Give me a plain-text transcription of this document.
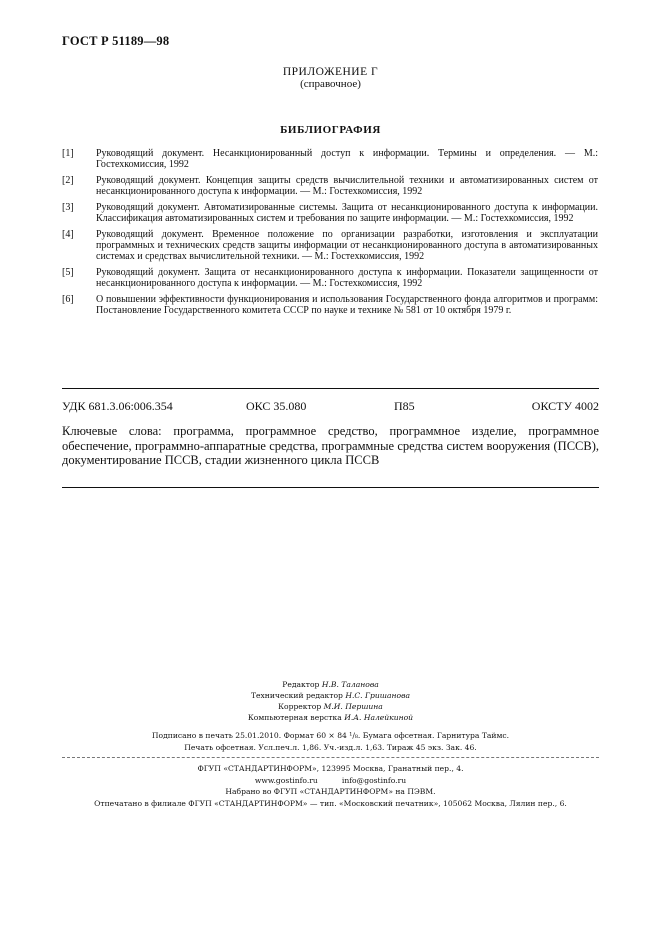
ГОСТ Р 51189—98
ПРИЛОЖЕНИЕ Г
(справочное)
БИБЛИОГРАФИЯ
[1] Руководящий документ. Несанкционированный доступ к информации. Термины и определения. — М.: Гостехкомиссия, 1992
[2] Руководящий документ. Концепция защиты средств вычислительной техники и автоматизированных систем от несанкционированного доступа к информации. — М.: Гостехкомиссия, 1992
[3] Руководящий документ. Автоматизированные системы. Защита от несанкционированного доступа к информации. Классификация автоматизированных систем и требования по защите информации. — М.: Гостехкомиссия, 1992
[4] Руководящий документ. Временное положение по организации разработки, изготовления и эксплуатации программных и технических средств защиты информации от несанкционированного доступа в автоматизированных системах и средствах вычислительной техники. — М.: Гостехкомиссия, 1992
[5] Руководящий документ. Защита от несанкционированного доступа к информации. Показатели защищенности от несанкционированного доступа к информации. — М.: Гостехкомиссия, 1992
[6] О повышении эффективности функционирования и использования Государственного фонда алгоритмов и программ: Постановление Государственного комитета СССР по науке и технике № 581 от 10 октября 1979 г.
УДК 681.3.06:006.354	ОКС 35.080	П85	ОКСТУ 4002
Ключевые слова: программа, программное средство, программное изделие, программное обеспечение, программно-аппаратные средства, программные средства систем вооружения (ПССВ), документирование ПССВ, стадии жизненного цикла ПССВ
Редактор Н.В. Таланова
Технический редактор Н.С. Гришанова
Корректор М.И. Першина
Компьютерная верстка И.А. Налейкиной
Подписано в печать 25.01.2010. Формат 60 × 84 ¹/₈. Бумага офсетная. Гарнитура Таймс.
Печать офсетная. Усл.печ.л. 1,86. Уч.-изд.л. 1,63. Тираж 45 экз. Зак. 46.
ФГУП «СТАНДАРТИНФОРМ», 123995 Москва, Гранатный пер., 4.
www.gostinfo.ru          info@gostinfo.ru
Набрано во ФГУП «СТАНДАРТИНФОРМ» на ПЭВМ.
Отпечатано в филиале ФГУП «СТАНДАРТИНФОРМ» — тип. «Московский печатник», 105062 Москва, Лялин пер., 6.
